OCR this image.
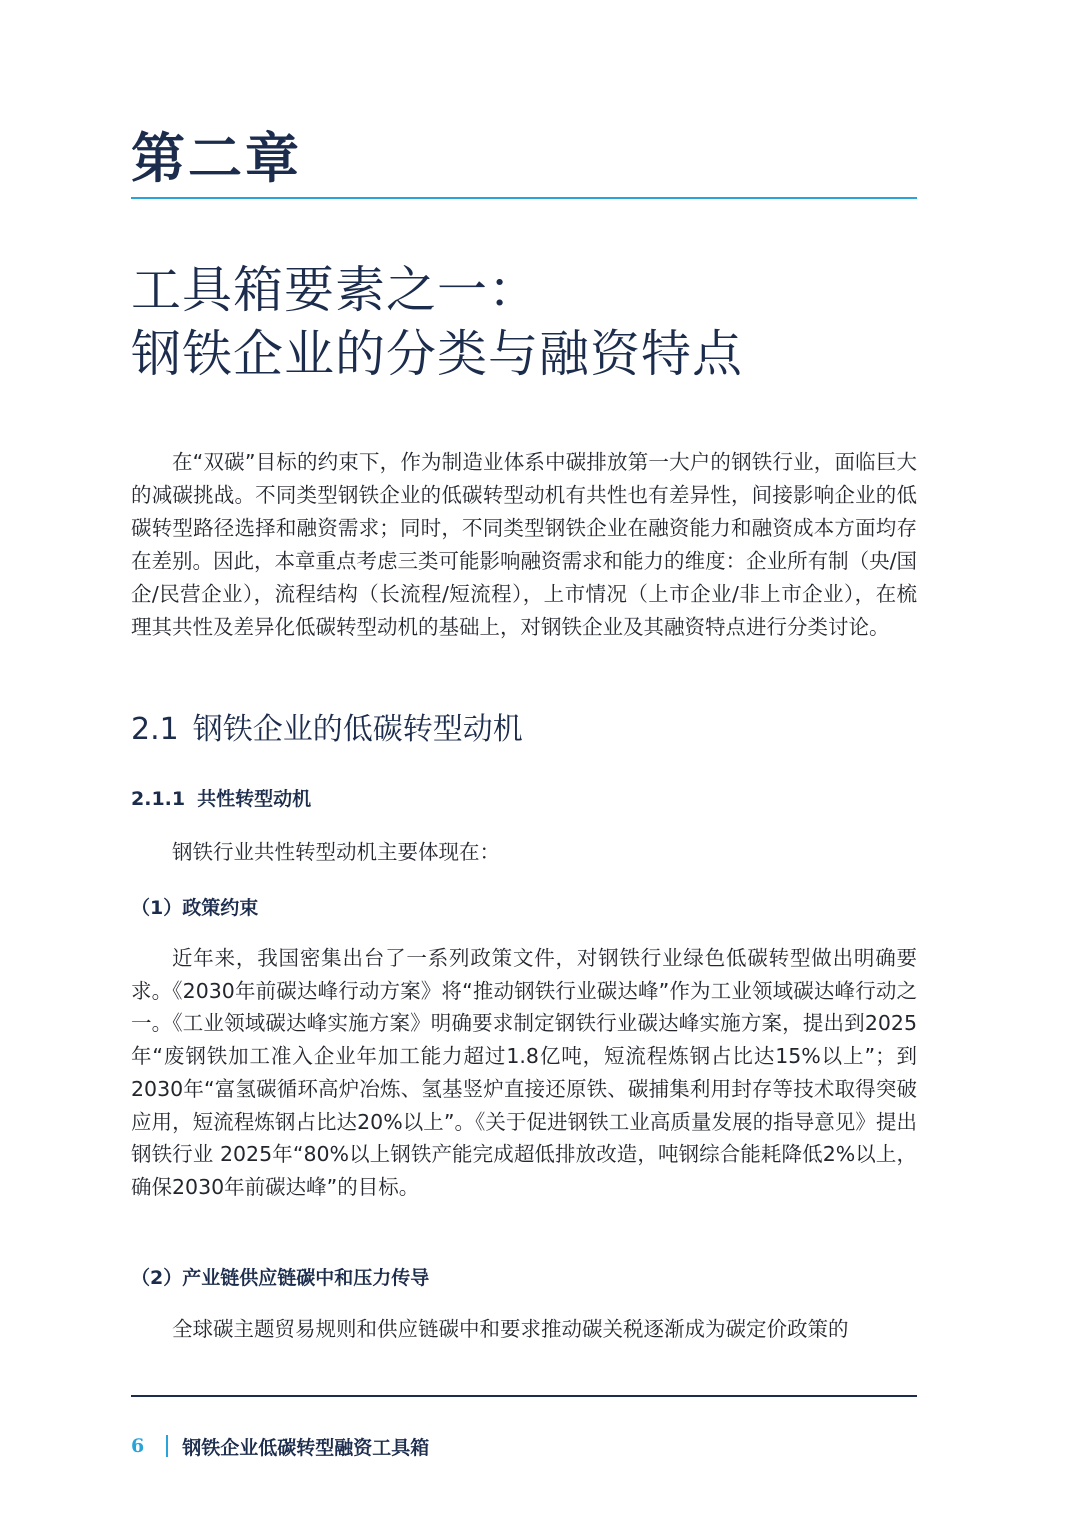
第二章
工具箱要素之一：
钢铁企业的分类与融资特点

在“双碳”目标的约束下，作为制造业体系中碳排放第一大户的钢铁行业，面临巨大的减碳挑战。不同类型钢铁企业的低碳转型动机有共性也有差异性，间接影响企业的低碳转型路径选择和融资需求；同时，不同类型钢铁企业在融资能力和融资成本方面均存在差别。因此，本章重点考虑三类可能影响融资需求和能力的维度：企业所有制（央/国企/民营企业），流程结构（长流程/短流程），上市情况（上市企业/非上市企业），在梳理其共性及差异化低碳转型动机的基础上，对钢铁企业及其融资特点进行分类讨论。

2.1 钢铁企业的低碳转型动机
2.1.1 共性转型动机

钢铁行业共性转型动机主要体现在：

（1）政策约束

近年来，我国密集出台了一系列政策文件，对钢铁行业绿色低碳转型做出明确要求。《2030年前碳达峰行动方案》将“推动钢铁行业碳达峰”作为工业领域碳达峰行动之一。《工业领域碳达峰实施方案》明确要求制定钢铁行业碳达峰实施方案，提出到2025年“废钢铁加工准入企业年加工能力超过1.8亿吨，短流程炼钢占比达15%以上”；到2030年“富氢碳循环高炉冶炼、氢基竖炉直接还原铁、碳捕集利用封存等技术取得突破应用，短流程炼钢占比达20%以上”。《关于促进钢铁工业高质量发展的指导意见》提出钢铁行业 2025年“80%以上钢铁产能完成超低排放改造，吨钢综合能耗降低2%以上，确保2030年前碳达峰”的目标。

（2）产业链供应链碳中和压力传导

全球碳主题贸易规则和供应链碳中和要求推动碳关税逐渐成为碳定价政策的

6 钢铁企业低碳转型融资工具箱
